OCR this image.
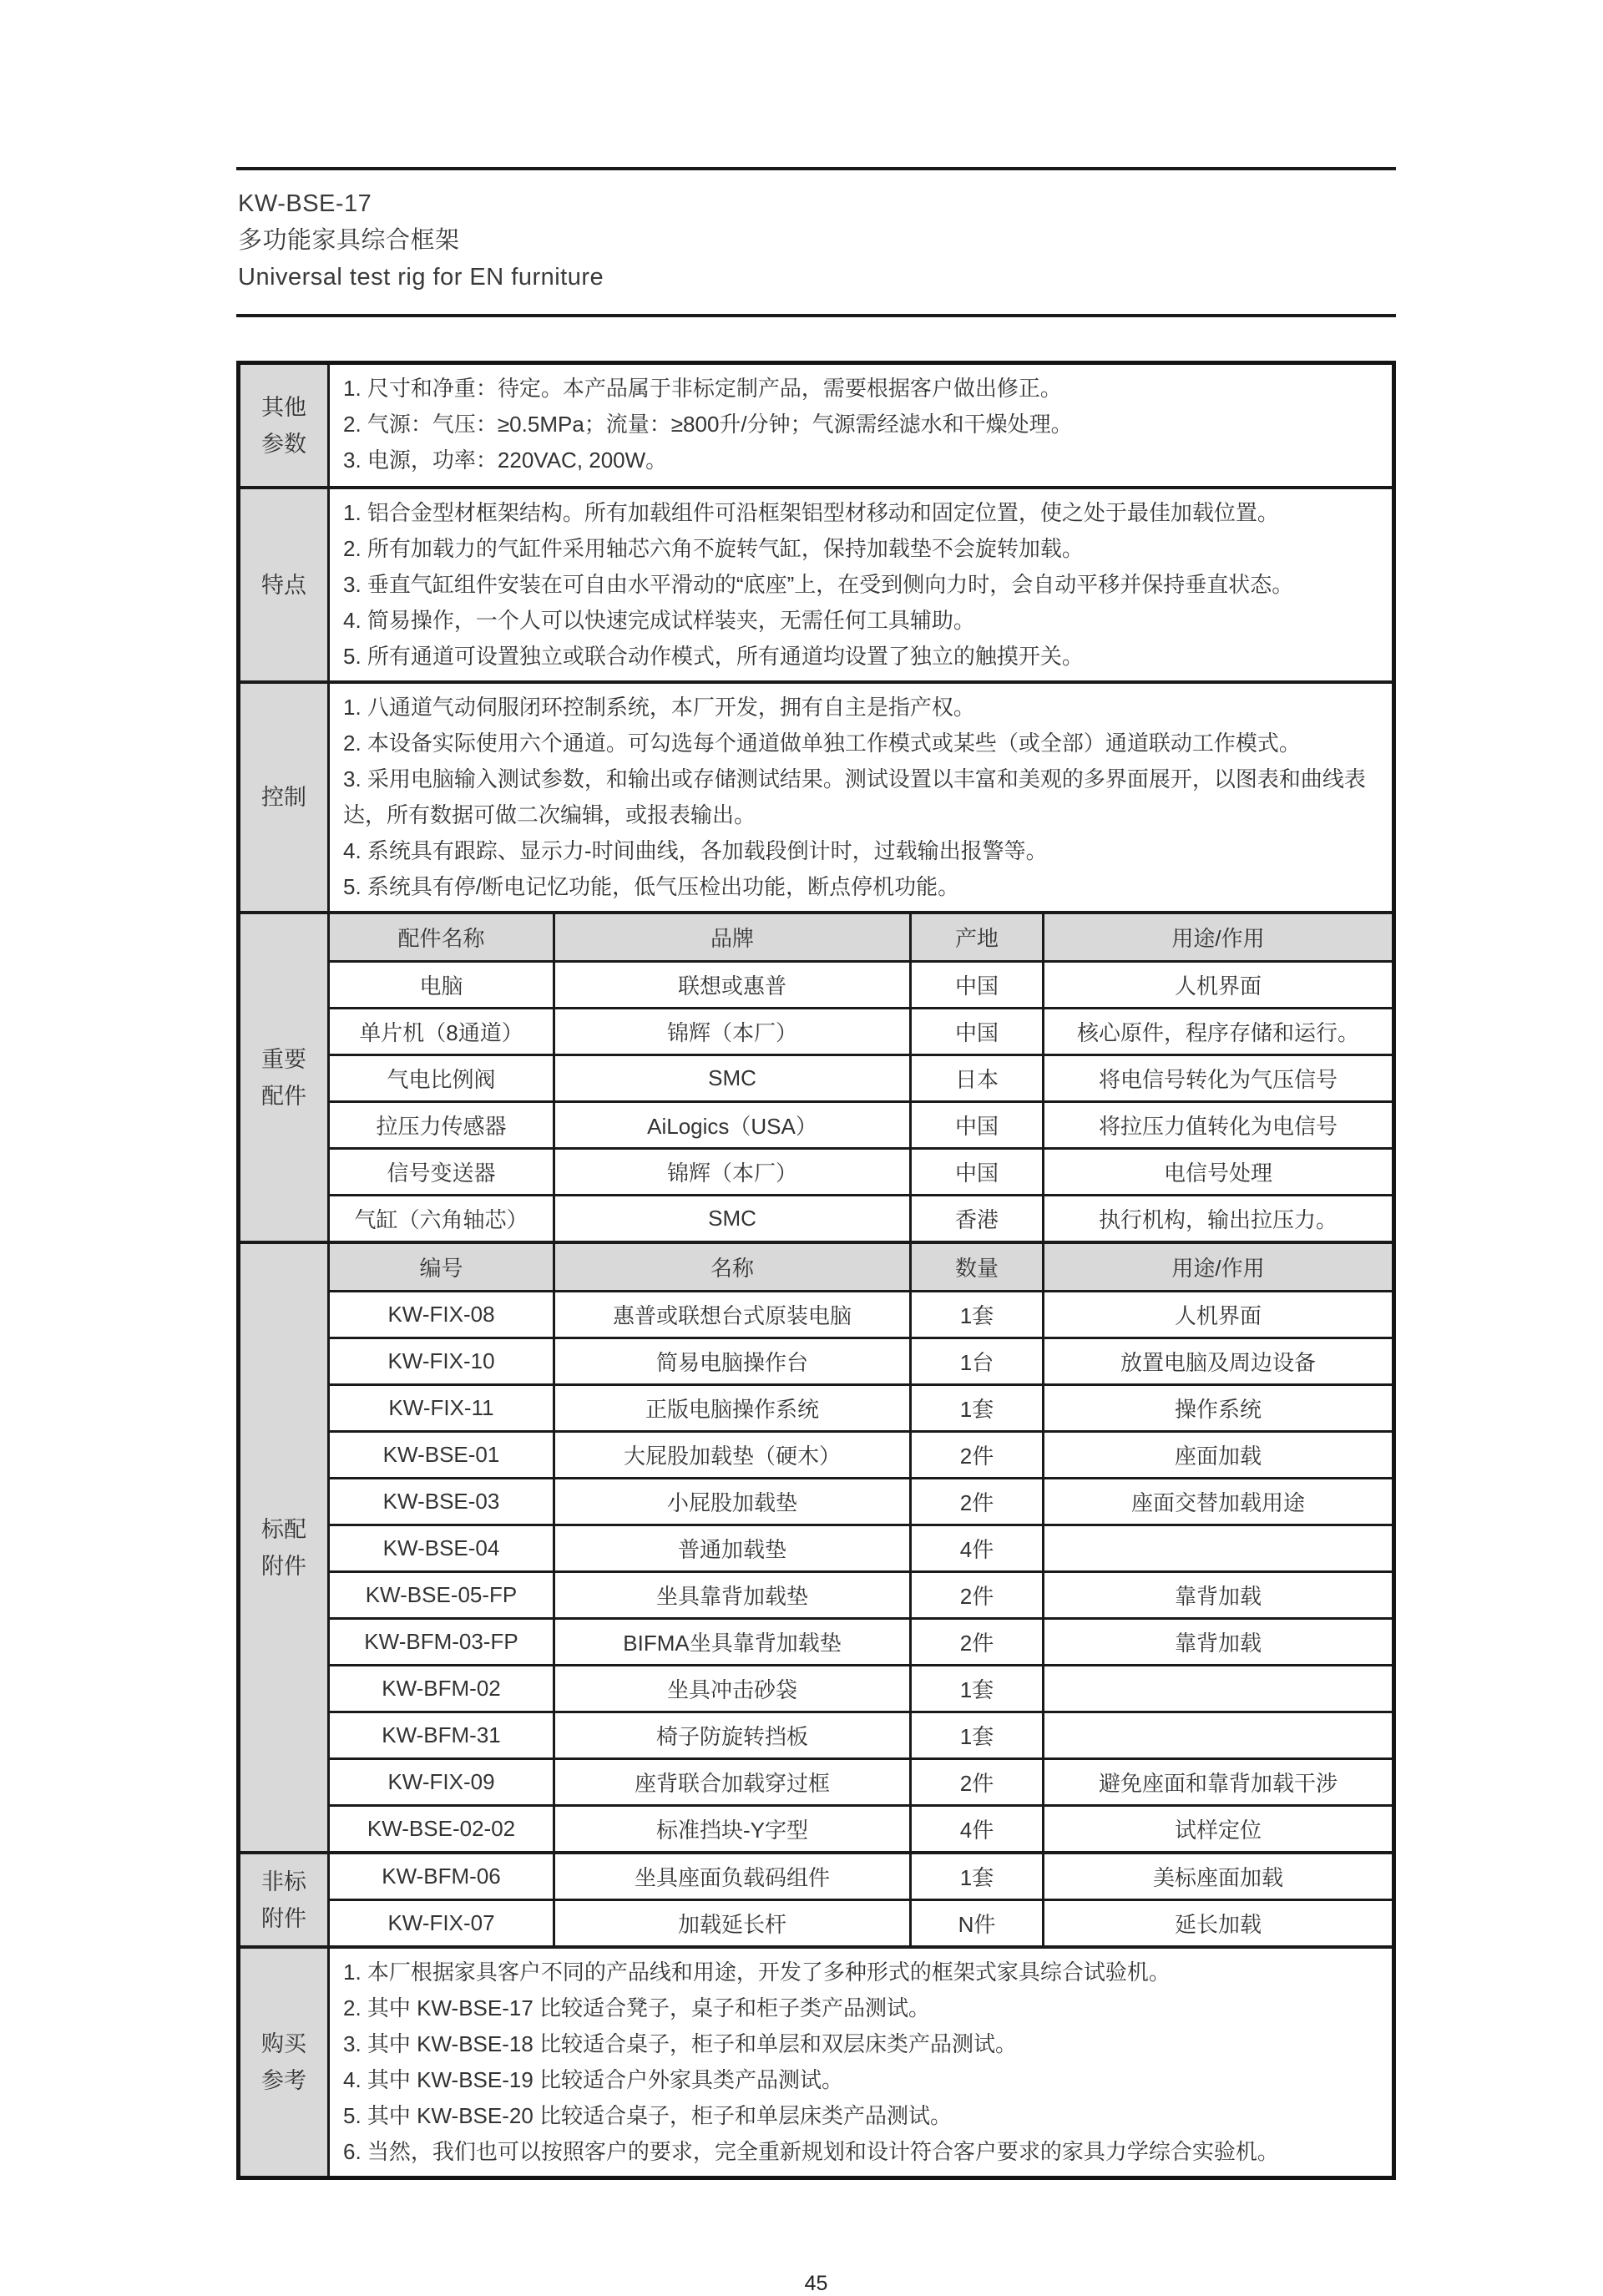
KW-BSE-17
多功能家具综合框架
Universal test rig for EN furniture
其他参数

1. 尺寸和净重：待定。本产品属于非标定制产品，需要根据客户做出修正。

2. 气源：气压：≥0.5MPa；流量：≥800升/分钟；气源需经滤水和干燥处理。

3. 电源，功率：220VAC, 200W。

特点

1. 铝合金型材框架结构。所有加载组件可沿框架铝型材移动和固定位置，使之处于最佳加载位置。

2. 所有加载力的气缸件采用轴芯六角不旋转气缸，保持加载垫不会旋转加载。

3. 垂直气缸组件安装在可自由水平滑动的“底座”上，在受到侧向力时，会自动平移并保持垂直状态。

4. 简易操作，一个人可以快速完成试样装夹，无需任何工具辅助。

5. 所有通道可设置独立或联合动作模式，所有通道均设置了独立的触摸开关。

控制

1. 八通道气动伺服闭环控制系统，本厂开发，拥有自主是指产权。

2. 本设备实际使用六个通道。可勾选每个通道做单独工作模式或某些（或全部）通道联动工作模式。

3. 采用电脑输入测试参数，和输出或存储测试结果。测试设置以丰富和美观的多界面展开，以图表和曲线表达，所有数据可做二次编辑，或报表输出。

4. 系统具有跟踪、显示力-时间曲线，各加载段倒计时，过载输出报警等。

5. 系统具有停/断电记忆功能，低气压检出功能，断点停机功能。

重要配件
配件名称	品牌	产地	用途/作用
电脑	联想或惠普	中国	人机界面
单片机（8通道）	锦辉（本厂）	中国	核心原件，程序存储和运行。
气电比例阀	SMC	日本	将电信号转化为气压信号
拉压力传感器	AiLogics（USA）	中国	将拉压力值转化为电信号
信号变送器	锦辉（本厂）	中国	电信号处理
气缸（六角轴芯）	SMC	香港	执行机构，输出拉压力。
标配附件
编号	名称	数量	用途/作用
KW-FIX-08	惠普或联想台式原装电脑	1套	人机界面
KW-FIX-10	简易电脑操作台	1台	放置电脑及周边设备
KW-FIX-11	正版电脑操作系统	1套	操作系统
KW-BSE-01	大屁股加载垫（硬木）	2件	座面加载
KW-BSE-03	小屁股加载垫	2件	座面交替加载用途
KW-BSE-04	普通加载垫	4件
KW-BSE-05-FP	坐具靠背加载垫	2件	靠背加载
KW-BFM-03-FP	BIFMA坐具靠背加载垫	2件	靠背加载
KW-BFM-02	坐具冲击砂袋	1套
KW-BFM-31	椅子防旋转挡板	1套
KW-FIX-09	座背联合加载穿过框	2件	避免座面和靠背加载干涉
KW-BSE-02-02	标准挡块-Y字型	4件	试样定位
非标附件
KW-BFM-06	坐具座面负载码组件	1套	美标座面加载
KW-FIX-07	加载延长杆	N件	延长加载
购买参考

1. 本厂根据家具客户不同的产品线和用途，开发了多种形式的框架式家具综合试验机。

2. 其中 KW-BSE-17 比较适合凳子，桌子和柜子类产品测试。

3. 其中 KW-BSE-18 比较适合桌子，柜子和单层和双层床类产品测试。

4. 其中 KW-BSE-19 比较适合户外家具类产品测试。

5. 其中 KW-BSE-20 比较适合桌子，柜子和单层床类产品测试。

6. 当然，我们也可以按照客户的要求，完全重新规划和设计符合客户要求的家具力学综合实验机。

45
